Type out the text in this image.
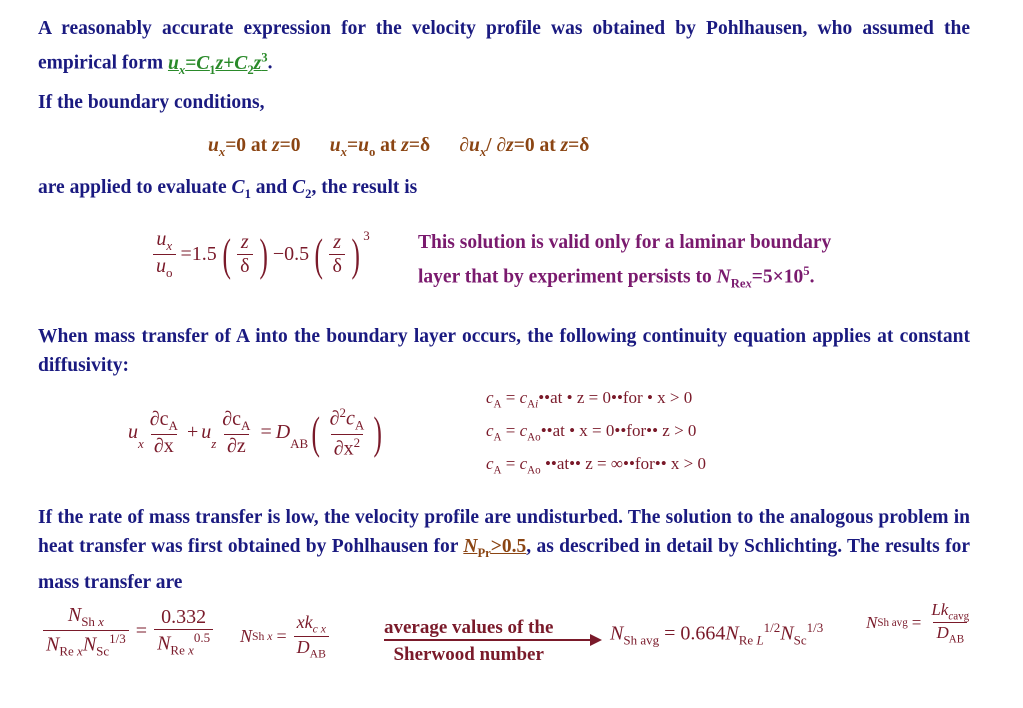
A reasonably accurate expression for the velocity profile was obtained by Pohlhausen, who assumed the empirical form $u_x=C_1z+C_2z^3$.
If the boundary conditions,
$u_x=0$ at z=0 $u_x=u_o$ at z=δ $\partial u_x/$ ∂z=0 at z=δ
are applied to evaluate $C_1$ and $C_2$, the result is
$\frac{u_x}{u_o} =1.5$ ( $\frac{z}{\delta}$ ) −0.5 ( $\frac{z}{\delta}$ ) $^3$ This solution is valid only for a laminar boundary
layer that by experiment persists to $N_{Rex}=5\times 10^5$.
When mass transfer of A into the boundary layer occurs, the following continuity equation applies at constant diffusivity:
u
$_x \frac{\partial c_A}{\partial x} + u$
$_z \frac{\partial c_A}{\partial z} = D$
$_{AB}$ ( $\frac{\partial^2c_A}{\partial x^2}$ )
$c_A$ = $c_{Ai}••at$ • z = 0••for • x > 0
$c_A$ = $c_{Ao}••at$ • x = 0••for•• z > 0
$c_A = c_{Ao}$ ••at•• z = ∞••for•• x > 0
If the rate of mass transfer is low, the velocity profile are undisturbed. The solution to the analogous problem in heat transfer was first obtained by Pohlhausen for $N_{Pr}>0.5$, as described in detail by Schlichting. The results for mass transfer are
$\frac{N_{Sh x}}{N_{Re x}N_{Sc}^{1/3}} = \frac{0.332}{N_{Re x}^{0.5}}$ N Sh $x = \frac{xk_{c x}}{D_{AB}}$	average values of the
Sherwood number
$N_{Sh avg} = 0.664N_{Re L}^{1/2}N_{Sc}^{1/3}$	N Sh avg = $\frac{Lk_{cavg}}{D_{AB}}$
